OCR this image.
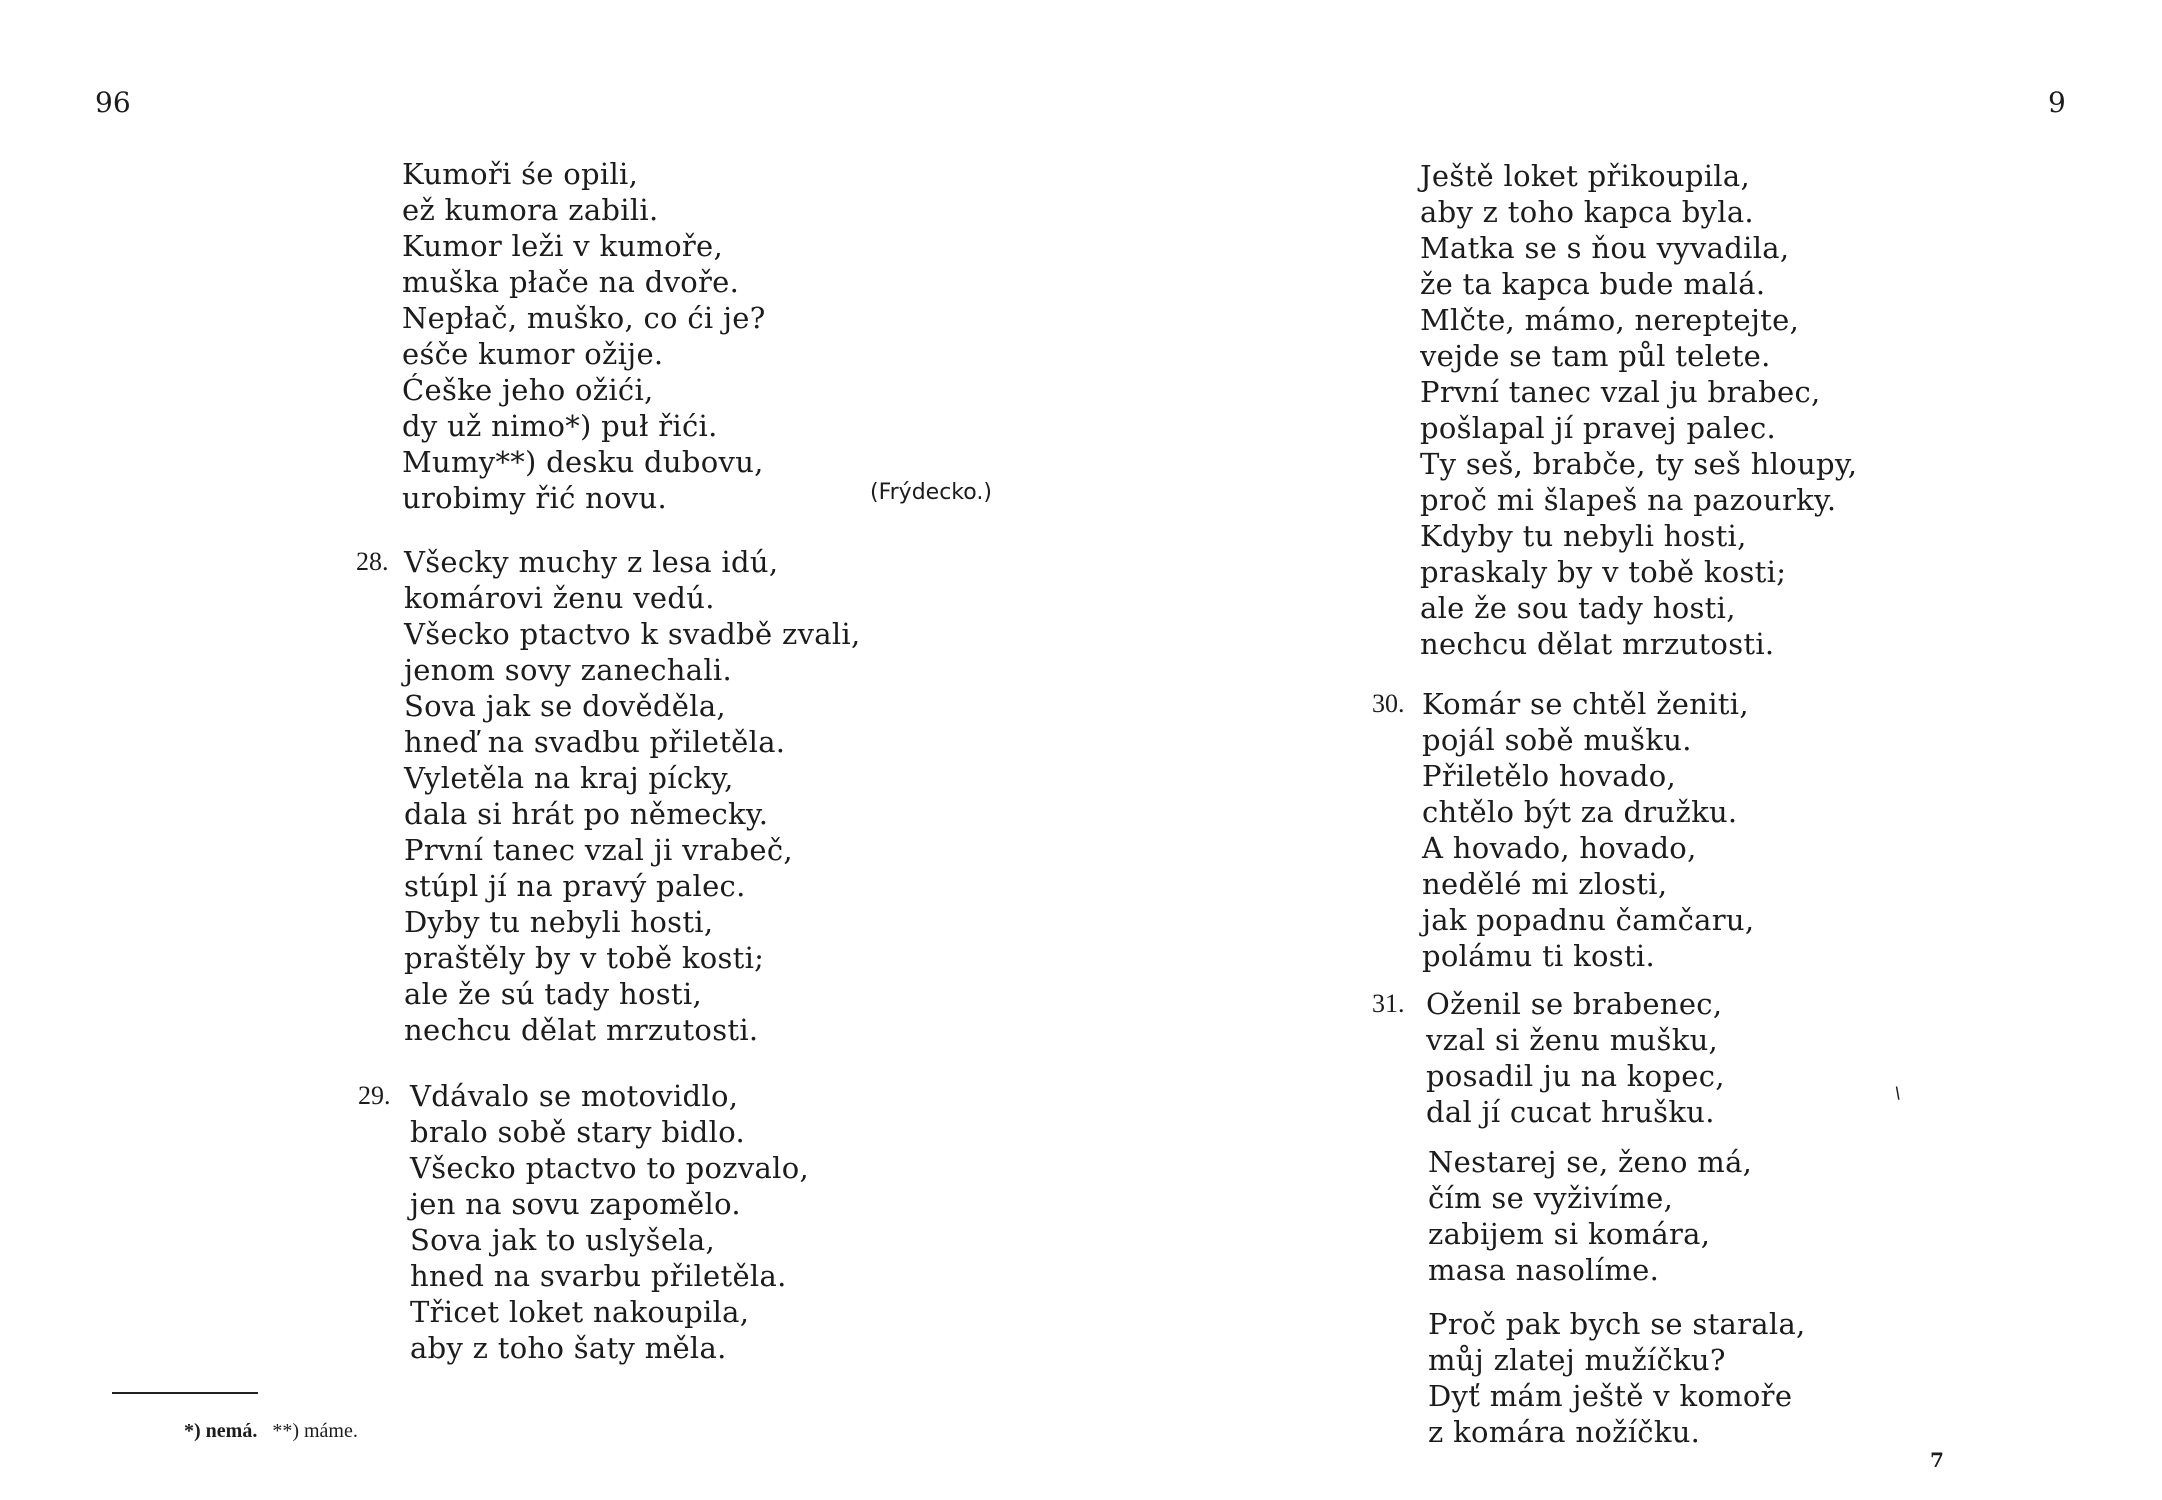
96	9
Kumoři śe opili,
ež kumora zabili.
Kumor leži v kumoře,
muška płače na dvoře.
Nepłač, muško, co ći je?
eśče kumor ožije.
Ćeške jeho ožići,
dy už nimo*) puł řići.
Mumy**) desku dubovu,
urobimy řić novu.	(Frýdecko.)
28. Všecky muchy z lesa idú,
komárovi ženu vedú.
Všecko ptactvo k svadbě zvali,
jenom sovy zanechali.
Sova jak se dověděla,
hneď na svadbu přiletěla.
Vyletěla na kraj pícky,
dala si hrát po německy.
První tanec vzal ji vrabeč,
stúpl jí na pravý palec.
Dyby tu nebyli hosti,
praštěly by v tobě kosti;
ale že sú tady hosti,
nechcu dělat mrzutosti.
29. Vdávalo se motovidlo,
bralo sobě stary bidlo.
Všecko ptactvo to pozvalo,
jen na sovu zapomělo.
Sova jak to uslyšela,
hned na svarbu přiletěla.
Třicet loket nakoupila,
aby z toho šaty měla.
*) nemá. **) máme.
Ještě loket přikoupila,
aby z toho kapca byla.
Matka se s ňou vyvadila,
že ta kapca bude malá.
Mlčte, mámo, nereptejte,
vejde se tam půl telete.
První tanec vzal ju brabec,
pošlapal jí pravej palec.
Ty seš, brabče, ty seš hloupy,
proč mi šlapeš na pazourky.
Kdyby tu nebyli hosti,
praskaly by v tobě kosti;
ale že sou tady hosti,
nechcu dělat mrzutosti.
30. Komár se chtěl ženiti,
pojál sobě mušku.
Přiletělo hovado,
chtělo být za družku.
A hovado, hovado,
nedělé mi zlosti,
jak popadnu čamčaru,
polámu ti kosti.
31. Oženil se brabenec,
vzal si ženu mušku,
posadil ju na kopec,
dal jí cucat hrušku.
Nestarej se, ženo má,
čím se vyživíme,
zabijem si komára,
masa nasolíme.
Proč pak bych se starala,
můj zlatej mužíčku?
Dyť mám ještě v komoře
z komára nožíčku.
⸌
7
